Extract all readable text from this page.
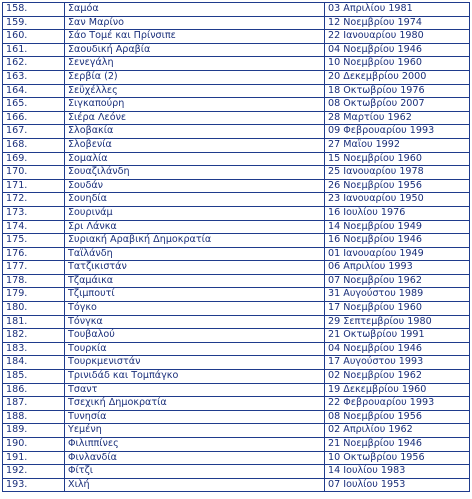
158.	Σαμόα	03 Απριλίου 1981
159.	Σαν Μαρίνο	12 Νοεμβρίου 1974
160.	Σάο Τομέ και Πρίνσιπε	22 Ιανουαρίου 1980
161.	Σαουδική Αραβία	04 Νοεμβρίου 1946
162.	Σενεγάλη	10 Νοεμβρίου 1960
163.	Σερβία (2)	20 Δεκεμβρίου 2000
164.	Σεϋχέλλες	18 Οκτωβρίου 1976
165.	Σιγκαπούρη	08 Οκτωβρίου 2007
166.	Σιέρα Λεόνε	28 Μαρτίου 1962
167.	Σλοβακία	09 Φεβρουαρίου 1993
168.	Σλοβενία	27 Μαΐου 1992
169.	Σομαλία	15 Νοεμβρίου 1960
170.	Σουαζιλάνδη	25 Ιανουαρίου 1978
171.	Σουδάν	26 Νοεμβρίου 1956
172.	Σουηδία	23 Ιανουαρίου 1950
173.	Σουρινάμ	16 Ιουλίου 1976
174.	Σρι Λάνκα	14 Νοεμβρίου 1949
175.	Συριακή Αραβική Δημοκρατία	16 Νοεμβρίου 1946
176.	Ταϊλάνδη	01 Ιανουαρίου 1949
177.	Τατζικιστάν	06 Απριλίου 1993
178.	Τζαμάικα	07 Νοεμβρίου 1962
179.	Τζιμπουτί	31 Αυγούστου 1989
180.	Τόγκο	17 Νοεμβρίου 1960
181.	Τόνγκα	29 Σεπτεμβρίου 1980
182.	Τουβαλού	21 Οκτωβρίου 1991
183.	Τουρκία	04 Νοεμβρίου 1946
184.	Τουρκμενιστάν	17 Αυγούστου 1993
185.	Τρινιδάδ και Τομπάγκο	02 Νοεμβρίου 1962
186.	Τσαντ	19 Δεκεμβρίου 1960
187.	Τσεχική Δημοκρατία	22 Φεβρουαρίου 1993
188.	Τυνησία	08 Νοεμβρίου 1956
189.	Υεμένη	02 Απριλίου 1962
190.	Φιλιππίνες	21 Νοεμβρίου 1946
191.	Φινλανδία	10 Οκτωβρίου 1956
192.	Φίτζι	14 Ιουλίου 1983
193.	Χιλή	07 Ιουλίου 1953
